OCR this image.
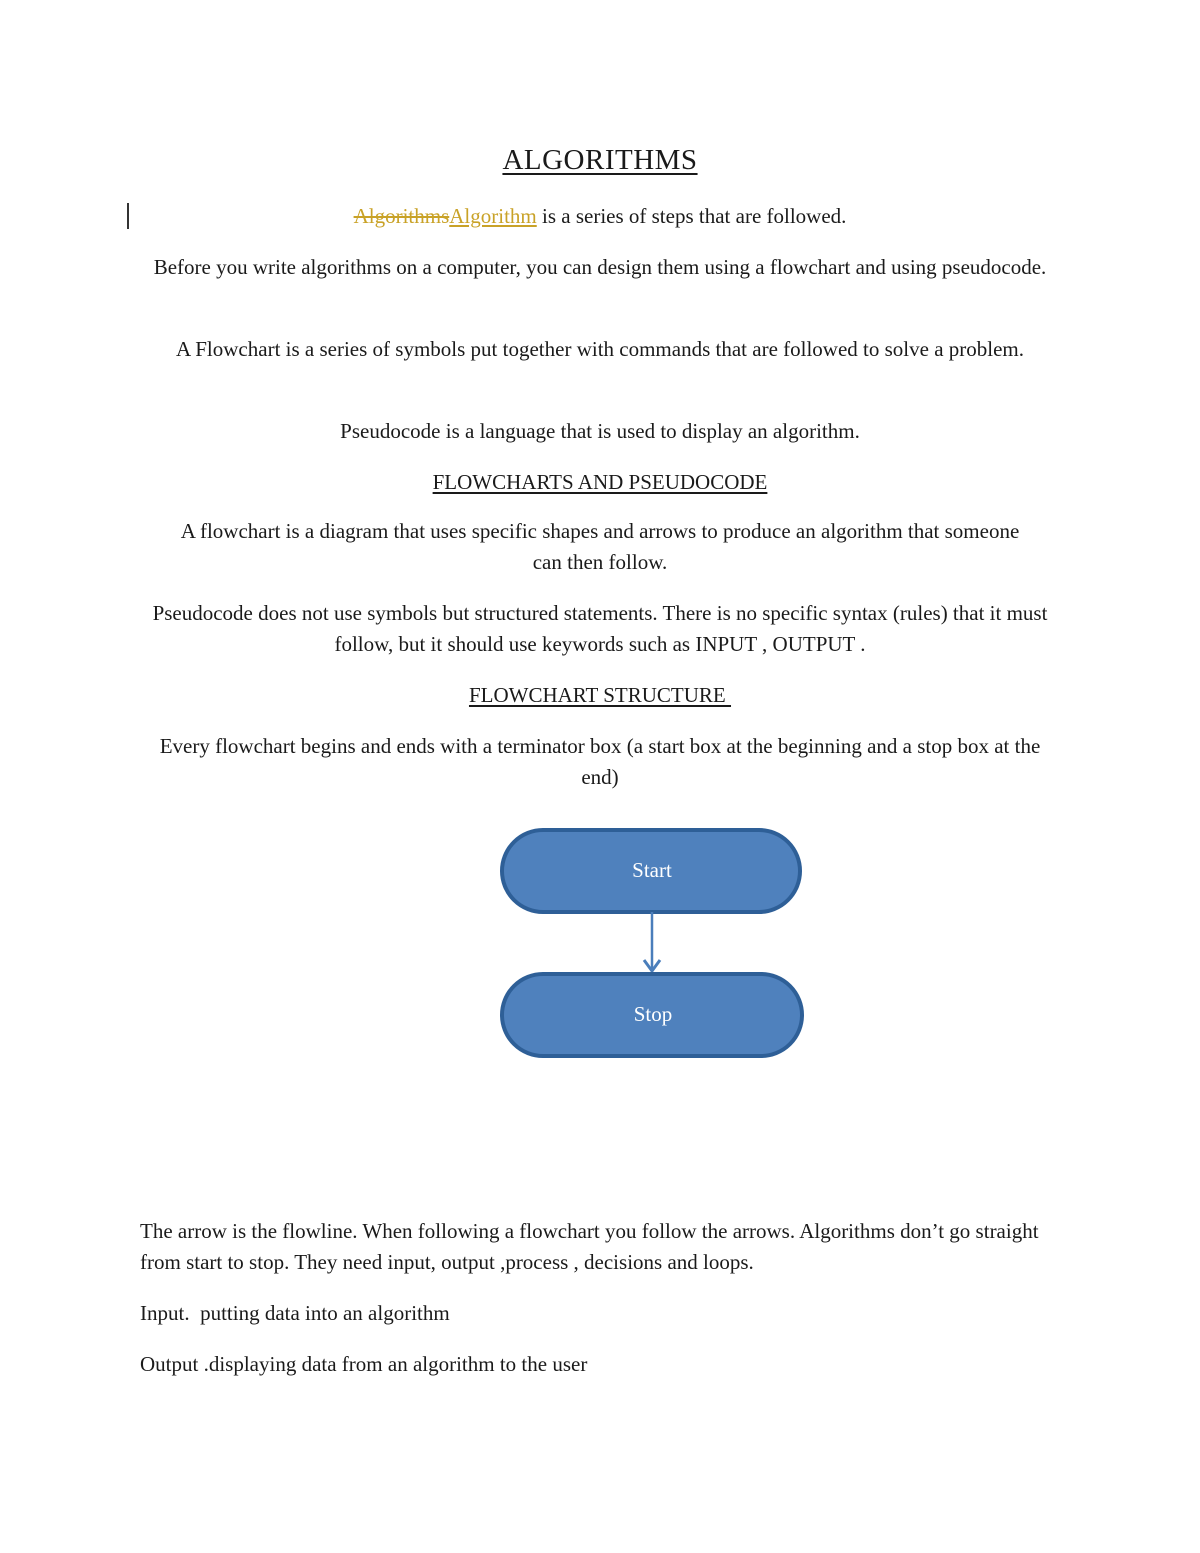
ALGORITHMS
AlgorithmsAlgorithm is a series of steps that are followed.
Before you write algorithms on a computer, you can design them using a flowchart and using pseudocode.
A Flowchart is a series of symbols put together with commands that are followed to solve a problem.
Pseudocode is a language that is used to display an algorithm.
FLOWCHARTS AND PSEUDOCODE
A flowchart is a diagram that uses specific shapes and arrows to produce an algorithm that someone can then follow.
Pseudocode does not use symbols but structured statements. There is no specific syntax (rules) that it must follow, but it should use keywords such as INPUT , OUTPUT .
FLOWCHART STRUCTURE
Every flowchart begins and ends with a terminator box (a start box at the beginning and a stop box at the end)
Start
Stop
The arrow is the flowline. When following a flowchart you follow the arrows. Algorithms don’t go straight from start to stop. They need input, output ,process , decisions and loops.
Input.  putting data into an algorithm
Output .displaying data from an algorithm to the user
